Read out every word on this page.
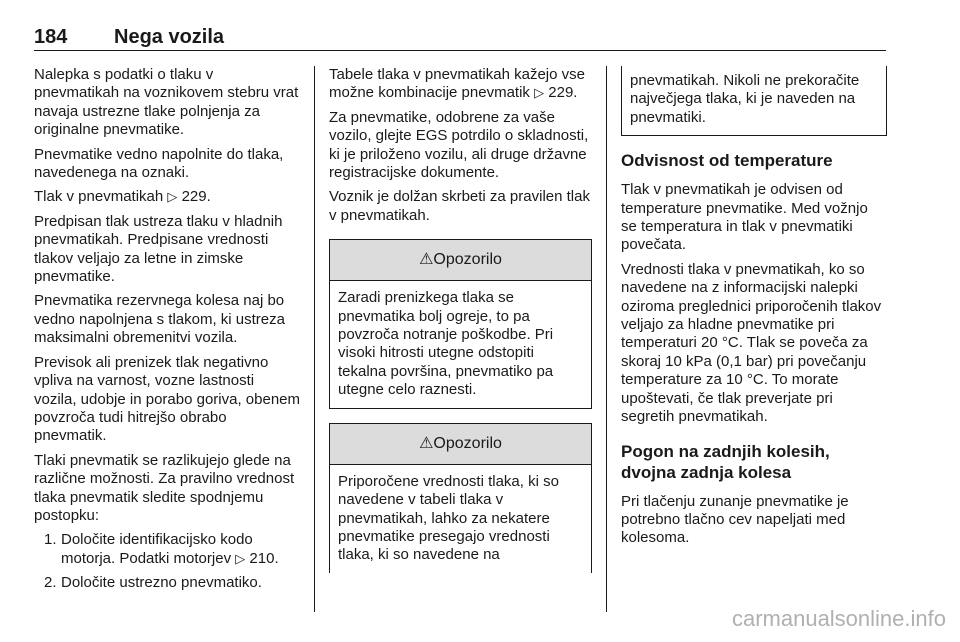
184 Nega vozila

Nalepka s podatki o tlaku v pnevmatikah na voznikovem stebru vrat navaja ustrezne tlake polnjenja za originalne pnevmatike.

Pnevmatike vedno napolnite do tlaka, navedenega na oznaki.

Tlak v pnevmatikah ▷ 229.

Predpisan tlak ustreza tlaku v hladnih pnevmatikah. Predpisane vrednosti tlakov veljajo za letne in zimske pnevmatike.

Pnevmatika rezervnega kolesa naj bo vedno napolnjena s tlakom, ki ustreza maksimalni obremenitvi vozila.

Previsok ali prenizek tlak negativno vpliva na varnost, vozne lastnosti vozila, udobje in porabo goriva, obenem povzroča tudi hitrejšo obrabo pnevmatik.

Tlaki pnevmatik se razlikujejo glede na različne možnosti. Za pravilno vrednost tlaka pnevmatik sledite spodnjemu postopku:

1. Določite identifikacijsko kodo motorja. Podatki motorjev ▷ 210.
2. Določite ustrezno pnevmatiko.

Tabele tlaka v pnevmatikah kažejo vse možne kombinacije pnevmatik ▷ 229.

Za pnevmatike, odobrene za vaše vozilo, glejte EGS potrdilo o skladnosti, ki je priloženo vozilu, ali druge državne registracijske dokumente.

Voznik je dolžan skrbeti za pravilen tlak v pnevmatikah.

⚠Opozorilo
Zaradi prenizkega tlaka se pnevmatika bolj ogreje, to pa povzroča notranje poškodbe. Pri visoki hitrosti utegne odstopiti tekalna površina, pnevmatiko pa utegne celo raznesti.
⚠Opozorilo
Priporočene vrednosti tlaka, ki so navedene v tabeli tlaka v pnevmatikah, lahko za nekatere pnevmatike presegajo vrednosti tlaka, ki so navedene na
pnevmatikah. Nikoli ne prekoračite največjega tlaka, ki je naveden na pnevmatiki.
Odvisnost od temperature

Tlak v pnevmatikah je odvisen od temperature pnevmatike. Med vožnjo se temperatura in tlak v pnevmatiki povečata.

Vrednosti tlaka v pnevmatikah, ko so navedene na z informacijski nalepki oziroma preglednici priporočenih tlakov veljajo za hladne pnevmatike pri temperaturi 20 °C. Tlak se poveča za skoraj 10 kPa (0,1 bar) pri povečanju temperature za 10 °C. To morate upoštevati, če tlak preverjate pri segretih pnevmatikah.

Pogon na zadnjih kolesih, dvojna zadnja kolesa

Pri tlačenju zunanje pnevmatike je potrebno tlačno cev napeljati med kolesoma.

carmanualsonline.info
